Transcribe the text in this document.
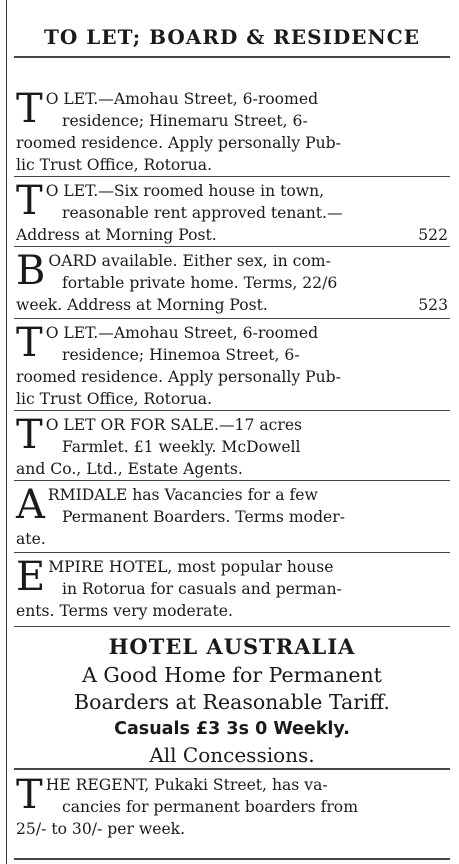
TO LET; BOARD & RESIDENCE
T O LET.—Amohau Street, 6-roomed
residence; Hinemaru Street, 6-
roomed residence. Apply personally Pub-
lic Trust Office, Rotorua.
T O LET.—Six roomed house in town,
reasonable rent approved tenant.—
Address at Morning Post.	522
B OARD available. Either sex, in com-
fortable private home. Terms, 22/6
week. Address at Morning Post.	523
T O LET.—Amohau Street, 6-roomed
residence; Hinemoa Street, 6-
roomed residence. Apply personally Pub-
lic Trust Office, Rotorua.
T O LET OR FOR SALE.—17 acres
Farmlet. £1 weekly. McDowell
and Co., Ltd., Estate Agents.
A RMIDALE has Vacancies for a few
Permanent Boarders. Terms moder-
ate.
E MPIRE HOTEL, most popular house
in Rotorua for casuals and perman-
ents. Terms very moderate.
HOTEL AUSTRALIA
A Good Home for Permanent
Boarders at Reasonable Tariff.
Casuals £3 3s 0 Weekly.
All Concessions.
T HE REGENT, Pukaki Street, has va-
cancies for permanent boarders from
25/- to 30/- per week.
